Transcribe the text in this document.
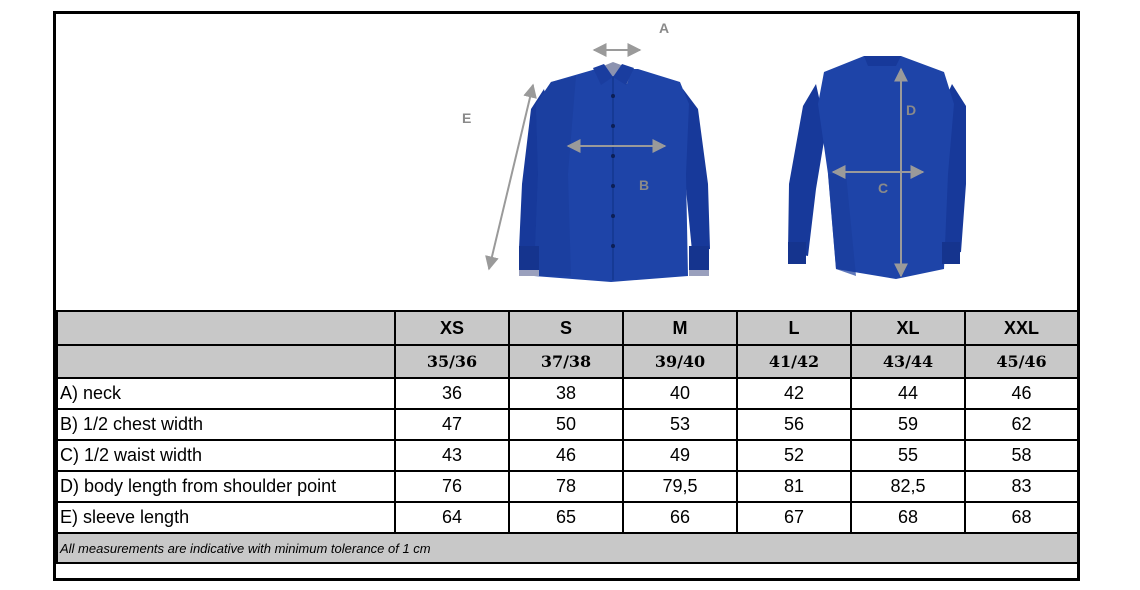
A
B	C
D
E
	XS	S	M	L	XL	XXL
	35/36	37/38	39/40	41/42	43/44	45/46
A) neck	36	38	40	42	44	46
B) 1/2 chest width	47	50	53	56	59	62
C) 1/2 waist width	43	46	49	52	55	58
D) body length from shoulder point	76	78	79,5	81	82,5	83
E) sleeve length	64	65	66	67	68	68
All measurements are indicative with minimum tolerance of 1 cm						
